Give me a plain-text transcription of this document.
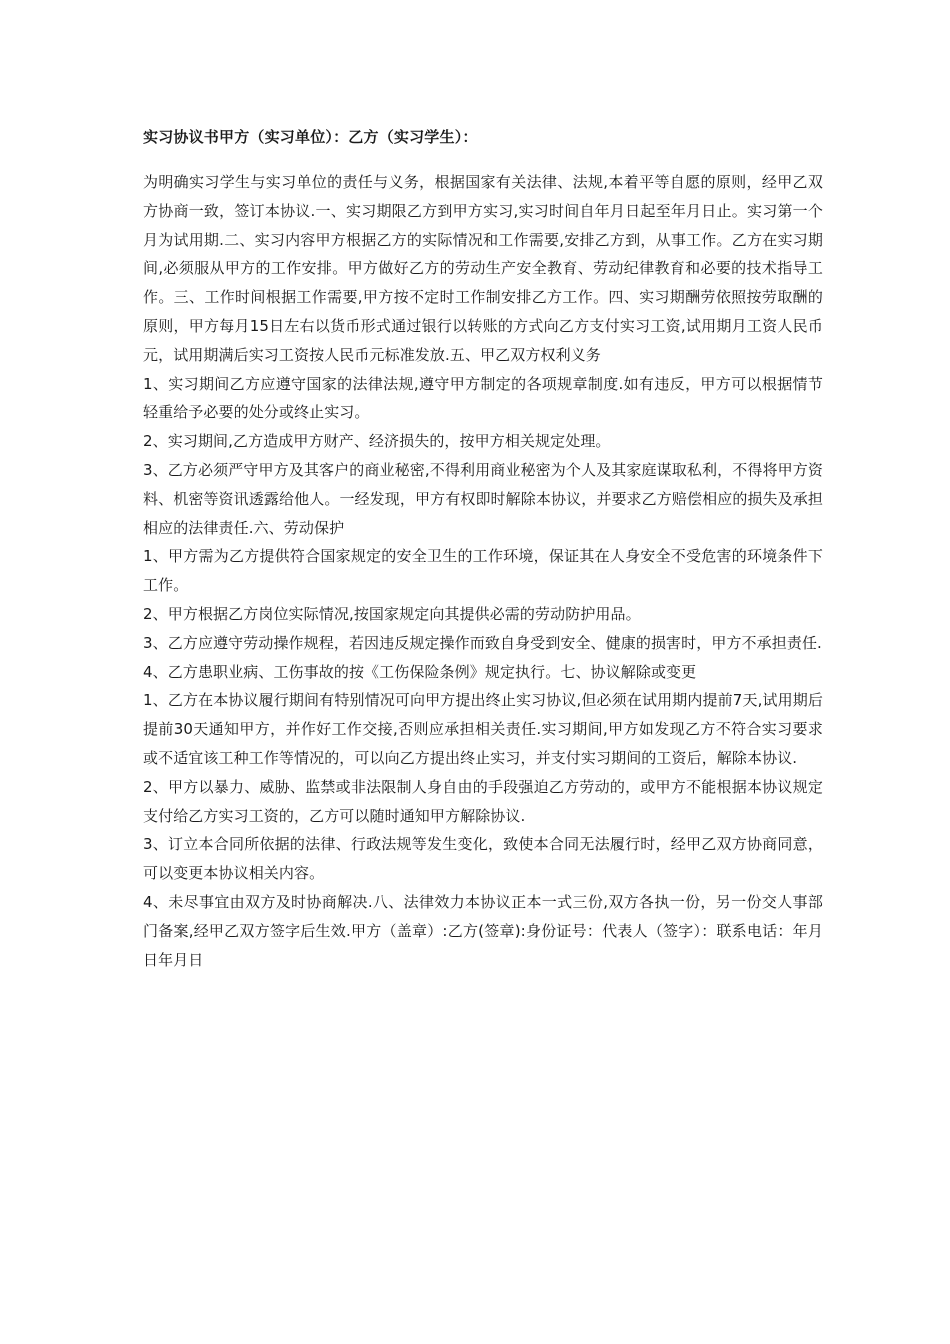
实习协议书甲方（实习单位）：乙方（实习学生）：

为明确实习学生与实习单位的责任与义务，根据国家有关法律、法规,本着平等自愿的原则，经甲乙双方协商一致，签订本协议.一、实习期限乙方到甲方实习,实习时间自年月日起至年月日止。实习第一个月为试用期.二、实习内容甲方根据乙方的实际情况和工作需要,安排乙方到，从事工作。乙方在实习期间,必须服从甲方的工作安排。甲方做好乙方的劳动生产安全教育、劳动纪律教育和必要的技术指导工作。三、工作时间根据工作需要,甲方按不定时工作制安排乙方工作。四、实习期酬劳依照按劳取酬的原则，甲方每月15日左右以货币形式通过银行以转账的方式向乙方支付实习工资,试用期月工资人民币元，试用期满后实习工资按人民币元标准发放.五、甲乙双方权利义务

1、实习期间乙方应遵守国家的法律法规,遵守甲方制定的各项规章制度.如有违反，甲方可以根据情节轻重给予必要的处分或终止实习。

2、实习期间,乙方造成甲方财产、经济损失的，按甲方相关规定处理。

3、乙方必须严守甲方及其客户的商业秘密,不得利用商业秘密为个人及其家庭谋取私利，不得将甲方资料、机密等资讯透露给他人。一经发现，甲方有权即时解除本协议，并要求乙方赔偿相应的损失及承担相应的法律责任.六、劳动保护

1、甲方需为乙方提供符合国家规定的安全卫生的工作环境，保证其在人身安全不受危害的环境条件下工作。

2、甲方根据乙方岗位实际情况,按国家规定向其提供必需的劳动防护用品。

3、乙方应遵守劳动操作规程，若因违反规定操作而致自身受到安全、健康的损害时，甲方不承担责任.

4、乙方患职业病、工伤事故的按《工伤保险条例》规定执行。七、协议解除或变更

1、乙方在本协议履行期间有特别情况可向甲方提出终止实习协议,但必须在试用期内提前7天,试用期后提前30天通知甲方，并作好工作交接,否则应承担相关责任.实习期间,甲方如发现乙方不符合实习要求或不适宜该工种工作等情况的，可以向乙方提出终止实习，并支付实习期间的工资后，解除本协议.

2、甲方以暴力、威胁、监禁或非法限制人身自由的手段强迫乙方劳动的，或甲方不能根据本协议规定支付给乙方实习工资的，乙方可以随时通知甲方解除协议.

3、订立本合同所依据的法律、行政法规等发生变化，致使本合同无法履行时，经甲乙双方协商同意，可以变更本协议相关内容。

4、未尽事宜由双方及时协商解决.八、法律效力本协议正本一式三份,双方各执一份，另一份交人事部门备案,经甲乙双方签字后生效.甲方（盖章）:乙方(签章):身份证号：代表人（签字）：联系电话：年月日年月日
